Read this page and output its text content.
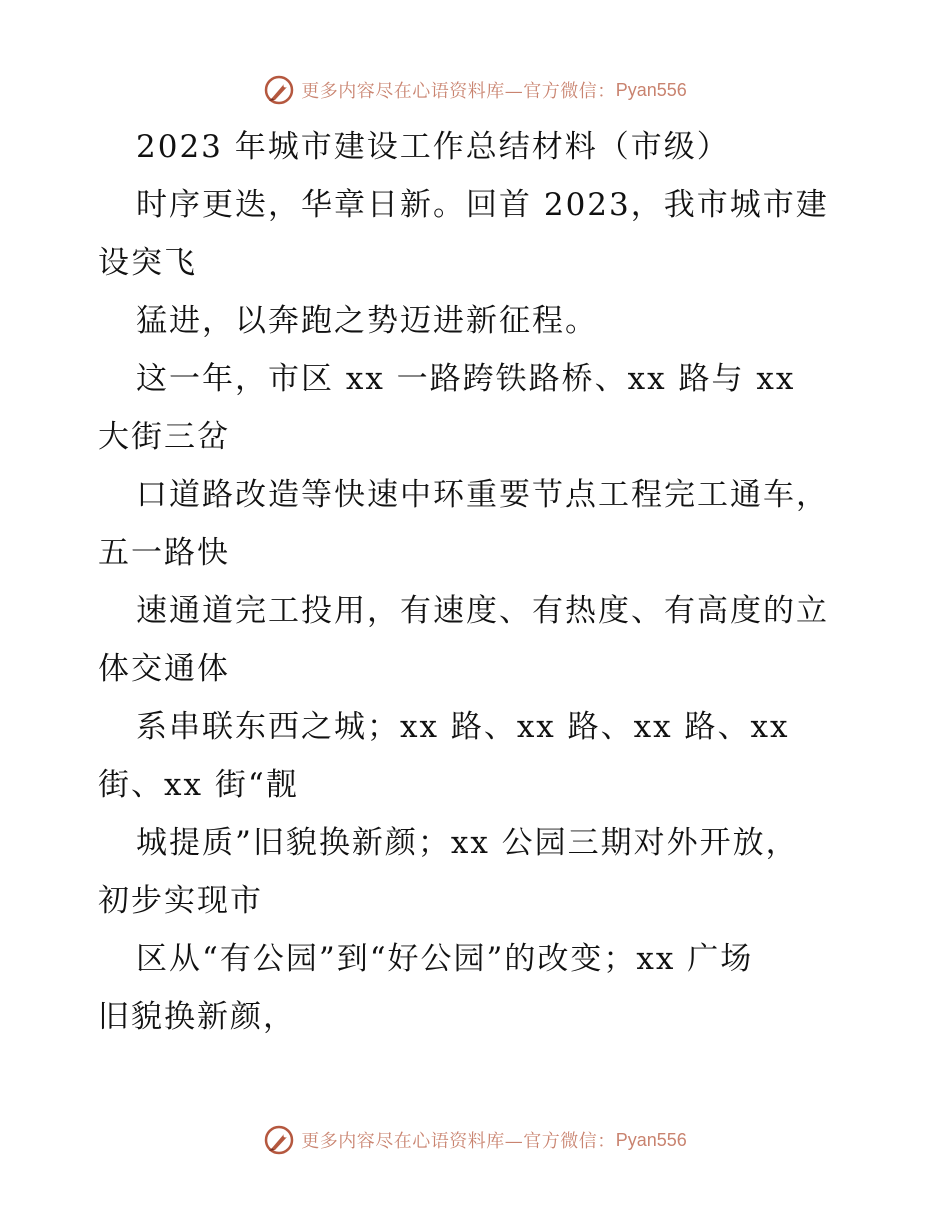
更多内容尽在心语资料库—官方微信： Pyan556
2023 年城市建设工作总结材料（市级）
时序更迭，华章日新。回首 2023，我市城市建
设突飞
猛进，以奔跑之势迈进新征程。
这一年，市区 xx 一路跨铁路桥、xx 路与 xx
大街三岔
口道路改造等快速中环重要节点工程完工通车，
五一路快
速通道完工投用，有速度、有热度、有高度的立
体交通体
系串联东西之城；xx 路、xx 路、xx 路、xx
街、xx 街“靓
城提质”旧貌换新颜；xx 公园三期对外开放，
初步实现市
区从“有公园”到“好公园”的改变；xx 广场
旧貌换新颜，
更多内容尽在心语资料库—官方微信： Pyan556
